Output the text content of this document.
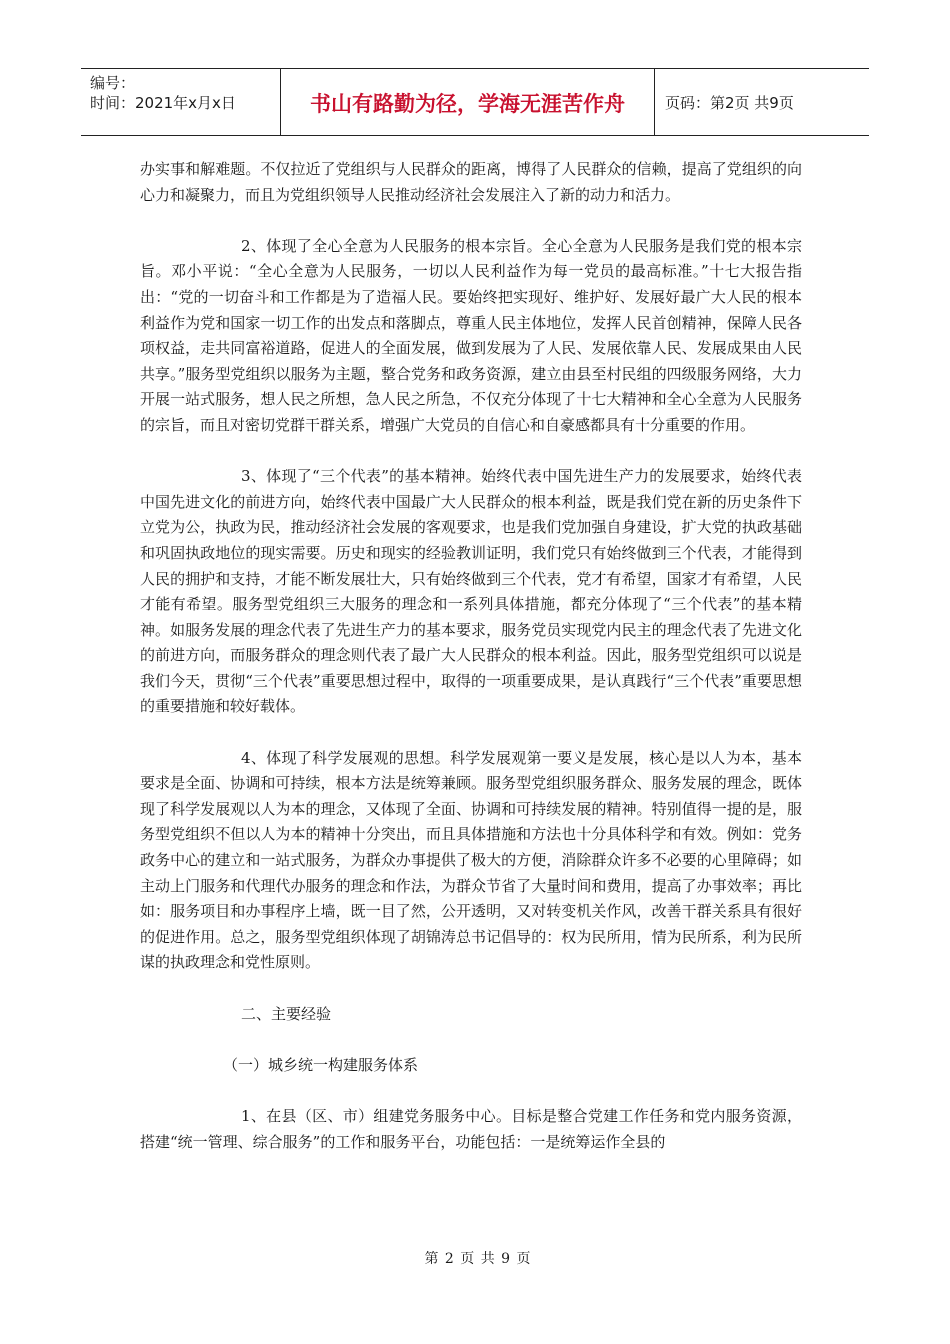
编号：
时间：2021年x月x日	书山有路勤为径，学海无涯苦作舟	页码：第2页 共9页

办实事和解难题。不仅拉近了党组织与人民群众的距离，博得了人民群众的信赖，提高了党组织的向心力和凝聚力，而且为党组织领导人民推动经济社会发展注入了新的动力和活力。

2、体现了全心全意为人民服务的根本宗旨。全心全意为人民服务是我们党的根本宗旨。邓小平说：“全心全意为人民服务，一切以人民利益作为每一党员的最高标准。”十七大报告指出：“党的一切奋斗和工作都是为了造福人民。要始终把实现好、维护好、发展好最广大人民的根本利益作为党和国家一切工作的出发点和落脚点，尊重人民主体地位，发挥人民首创精神，保障人民各项权益，走共同富裕道路，促进人的全面发展，做到发展为了人民、发展依靠人民、发展成果由人民共享。”服务型党组织以服务为主题，整合党务和政务资源，建立由县至村民组的四级服务网络，大力开展一站式服务，想人民之所想，急人民之所急，不仅充分体现了十七大精神和全心全意为人民服务的宗旨，而且对密切党群干群关系，增强广大党员的自信心和自豪感都具有十分重要的作用。

3、体现了“三个代表”的基本精神。始终代表中国先进生产力的发展要求，始终代表中国先进文化的前进方向，始终代表中国最广大人民群众的根本利益，既是我们党在新的历史条件下立党为公，执政为民，推动经济社会发展的客观要求，也是我们党加强自身建设，扩大党的执政基础和巩固执政地位的现实需要。历史和现实的经验教训证明，我们党只有始终做到三个代表，才能得到人民的拥护和支持，才能不断发展壮大，只有始终做到三个代表，党才有希望，国家才有希望，人民才能有希望。服务型党组织三大服务的理念和一系列具体措施，都充分体现了“三个代表”的基本精神。如服务发展的理念代表了先进生产力的基本要求，服务党员实现党内民主的理念代表了先进文化的前进方向，而服务群众的理念则代表了最广大人民群众的根本利益。因此，服务型党组织可以说是我们今天，贯彻“三个代表”重要思想过程中，取得的一项重要成果，是认真践行“三个代表”重要思想的重要措施和较好载体。

4、体现了科学发展观的思想。科学发展观第一要义是发展，核心是以人为本，基本要求是全面、协调和可持续，根本方法是统筹兼顾。服务型党组织服务群众、服务发展的理念，既体现了科学发展观以人为本的理念，又体现了全面、协调和可持续发展的精神。特别值得一提的是，服务型党组织不但以人为本的精神十分突出，而且具体措施和方法也十分具体科学和有效。例如：党务政务中心的建立和一站式服务，为群众办事提供了极大的方便，消除群众许多不必要的心里障碍；如主动上门服务和代理代办服务的理念和作法，为群众节省了大量时间和费用，提高了办事效率；再比如：服务项目和办事程序上墙，既一目了然，公开透明，又对转变机关作风，改善干群关系具有很好的促进作用。总之，服务型党组织体现了胡锦涛总书记倡导的：权为民所用，情为民所系，利为民所谋的执政理念和党性原则。

二、主要经验

（一）城乡统一构建服务体系

1、在县（区、市）组建党务服务中心。目标是整合党建工作任务和党内服务资源，搭建“统一管理、综合服务”的工作和服务平台，功能包括：一是统筹运作全县的

第 2 页 共 9 页
